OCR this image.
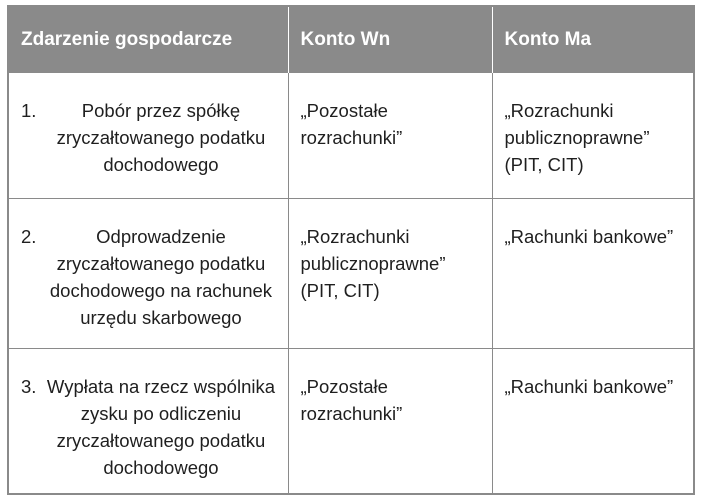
Zdarzenie gospodarcze	Konto Wn	Konto Ma

1. Pobór przez spółkę zryczałtowanego podatku dochodowego	„Pozostałe rozrachunki”	„Rozrachunki publicznoprawne” (PIT, CIT)

2. Odprowadzenie zryczałtowanego podatku dochodowego na rachunek urzędu skarbowego	„Rozrachunki publicznoprawne” (PIT, CIT)	„Rachunki bankowe”

3. Wypłata na rzecz wspólnika zysku po odliczeniu zryczałtowanego podatku dochodowego	„Pozostałe rozrachunki”	„Rachunki bankowe”
